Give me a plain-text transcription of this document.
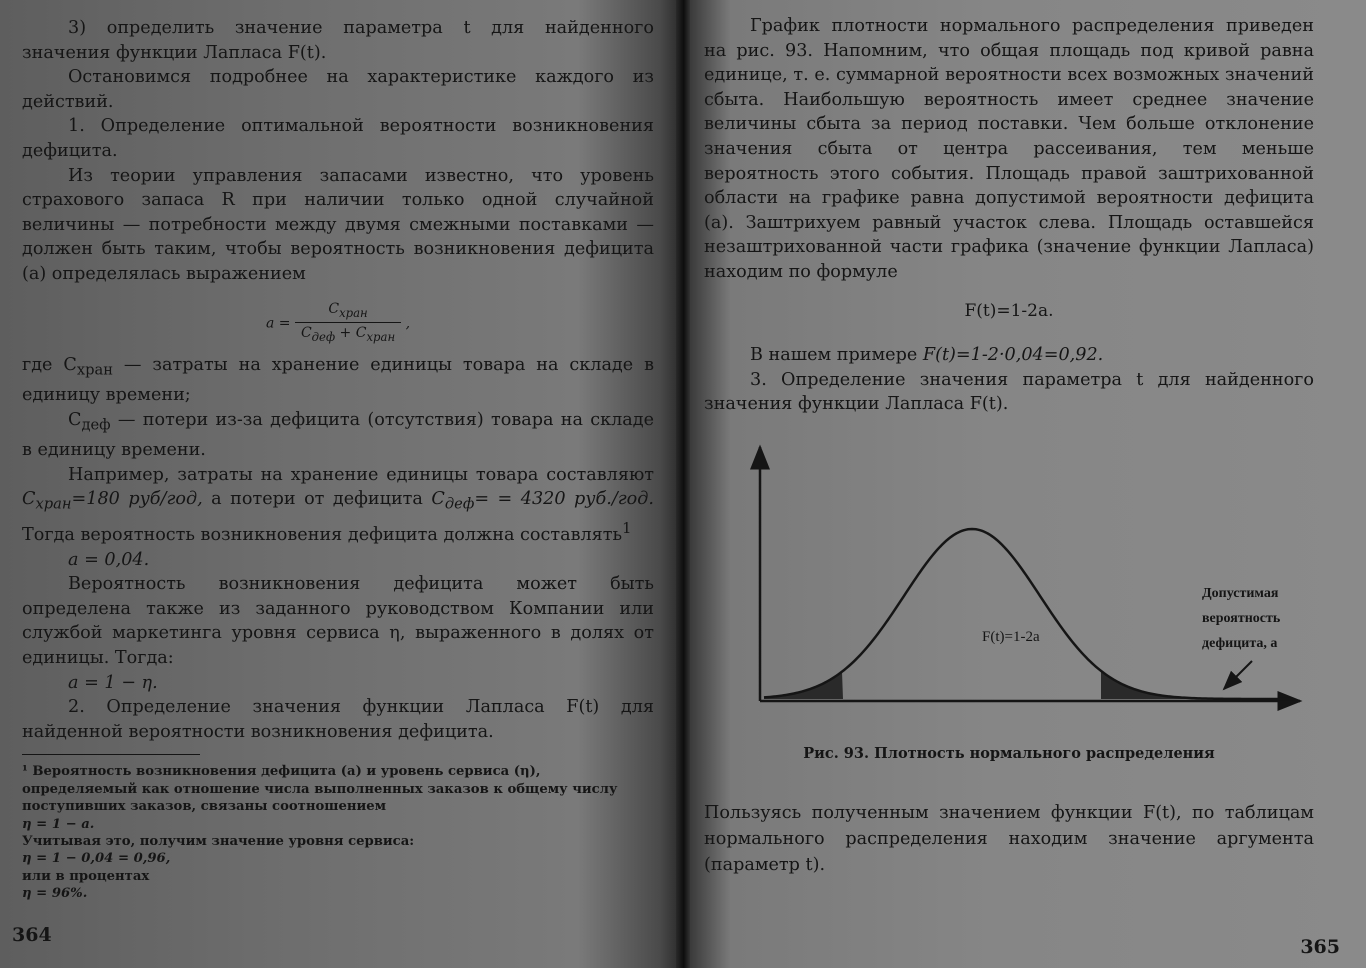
3) определить значение параметра t для найденного значения функции Лапласа F(t).

Остановимся подробнее на характеристике каждого из действий.

1. Определение оптимальной вероятности возникновения дефицита.

Из теории управления запасами известно, что уровень страхового запаса R при наличии только одной случайной величины — потребности между двумя смежными поставками — должен быть таким, чтобы вероятность возникновения дефицита (а) определялась выражением

$a = \frac{C_{хран}}{C_{деф} + C_{хран}}$ ,

где $C_{хран}$ — затраты на хранение единицы товара на складе в единицу времени;

$C_{деф}$ — потери из-за дефицита (отсутствия) товара на складе в единицу времени.

Например, затраты на хранение единицы товара составляют $C_{хран}=180$ руб/год, а потери от дефицита $C_{деф}= = 4320$ руб./год. Тогда вероятность возникновения дефицита должна составлять$^1$

a = 0,04.

Вероятность возникновения дефицита может быть определена также из заданного руководством Компании или службой маркетинга уровня сервиса η, выраженного в долях от единицы. Тогда:

a = 1 − η.

2. Определение значения функции Лапласа F(t) для найденной вероятности возникновения дефицита.

¹ Вероятность возникновения дефицита (а) и уровень сервиса (η), определяемый как отношение числа выполненных заказов к общему числу поступивших заказов, связаны соотношением

η = 1 − a.

Учитывая это, получим значение уровня сервиса:

η = 1 − 0,04 = 0,96,

или в процентах

η = 96%.

364

График плотности нормального распределения приведен на рис. 93. Напомним, что общая площадь под кривой равна единице, т. е. суммарной вероятности всех возможных значений сбыта. Наибольшую вероятность имеет среднее значение величины сбыта за период поставки. Чем больше отклонение значения сбыта от центра рассеивания, тем меньше вероятность этого события. Площадь правой заштрихованной области на графике равна допустимой вероятности дефицита (а). Заштрихуем равный участок слева. Площадь оставшейся незаштрихованной части графика (значение функции Лапласа) находим по формуле

F(t)=1-2a.

В нашем примере F(t)=1-2·0,04=0,92.

3. Определение значения параметра t для найденного значения функции Лапласа F(t).

F(t)=1-2a
Допустимая
вероятность
дефицита, а

Рис. 93. Плотность нормального распределения

Пользуясь полученным значением функции F(t), по таблицам нормального распределения находим значение аргумента (параметр t).

365
